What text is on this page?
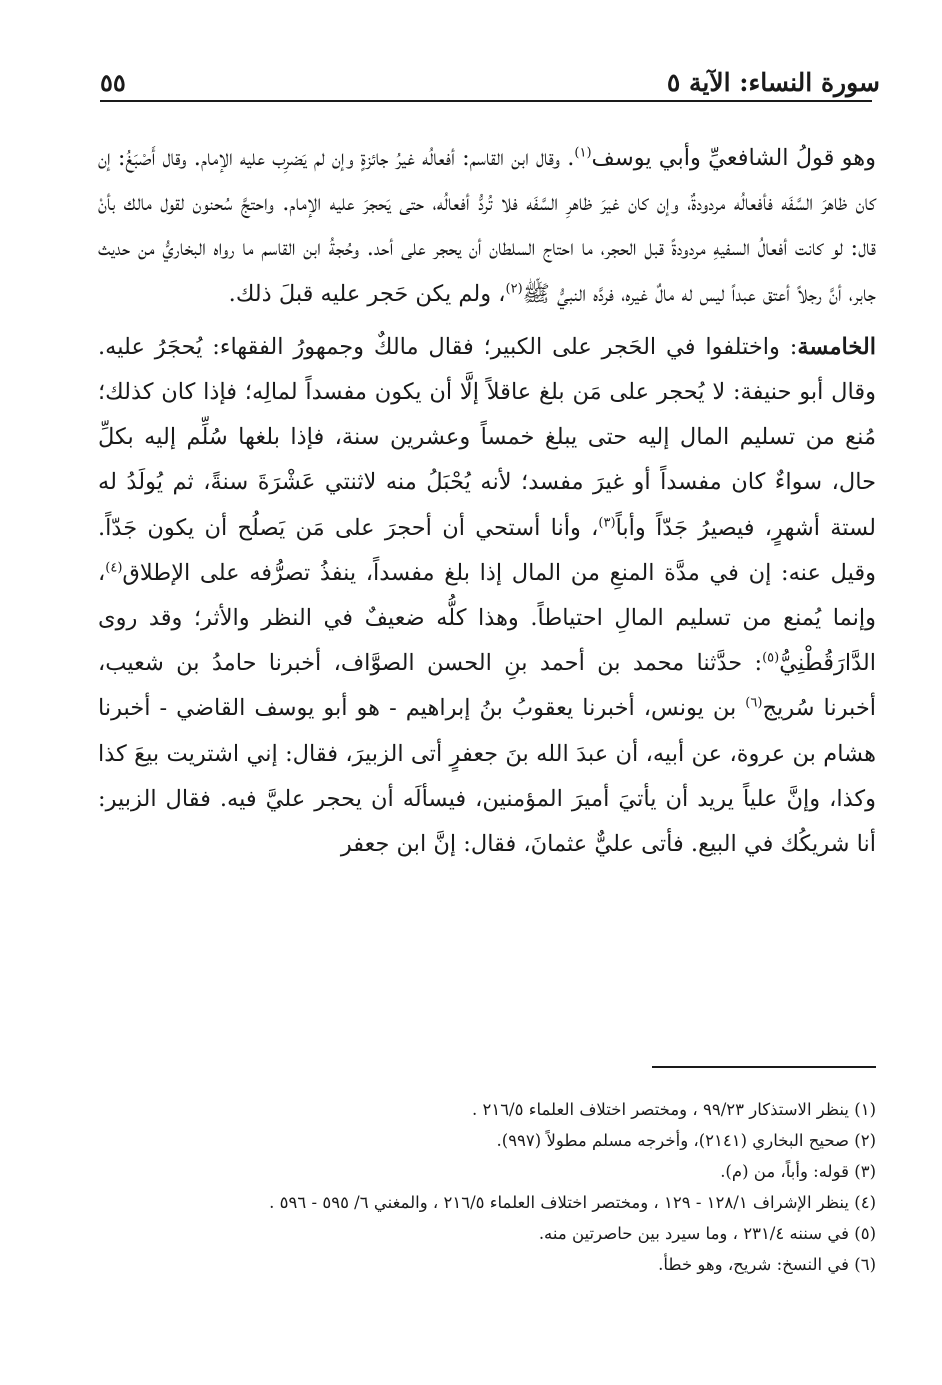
سورة النساء: الآية ٥
٥٥

وهو قولُ الشافعيِّ وأبي يوسف$^{(١)}$. وقال ابن القاسم: أفعالُه غيرُ جائزةٍ وإن لم يَضرِب عليه الإمام. وقال أَصْبَغُ: إن كان ظاهرَ السَّفَه فأفعالُه مردودةٌ، وإن كان غيرَ ظاهرِ السَّفَه فلا تُردُّ أفعالُه، حتى يَحجرَ عليه الإمام. واحتجَّ سُحنون لقول مالك بأنْ قال: لو كانت أفعالُ السفيهِ مردودةً قبل الحجر، ما احتاج السلطان أن يحجر على أحد. وحُجةُ ابن القاسم ما رواه البخاريُّ من حديث جابر، أنَّ رجلاً أعتق عبداً ليس له مالٌ غيره، فردَّه النبيُّ ﷺ$^{(٢)}$، ولم يكن حَجر عليه قبلَ ذلك.

الخامسة: واختلفوا في الحَجر على الكبير؛ فقال مالكٌ وجمهورُ الفقهاء: يُحجَرُ عليه. وقال أبو حنيفة: لا يُحجر على مَن بلغ عاقلاً إلَّا أن يكون مفسداً لمالِه؛ فإذا كان كذلك؛ مُنع من تسليم المال إليه حتى يبلغ خمساً وعشرين سنة، فإذا بلغها سُلِّم إليه بكلِّ حال، سواءٌ كان مفسداً أو غيرَ مفسد؛ لأنه يُحْبَلُ منه لاثنتي عَشْرَةَ سنةً، ثم يُولَدُ له لستة أشهرٍ، فيصيرُ جَدّاً وأباً$^{(٣)}$، وأنا أستحي أن أحجرَ على مَن يَصلُح أن يكون جَدّاً. وقيل عنه: إن في مدَّة المنعِ من المال إذا بلغ مفسداً، ينفذُ تصرُّفه على الإطلاق$^{(٤)}$، وإنما يُمنع من تسليم المالِ احتياطاً. وهذا كلُّه ضعيفٌ في النظر والأثر؛ وقد روى الدَّارَقُطْنِيُّ$^{(٥)}$: حدَّثنا محمد بن أحمد بنِ الحسن الصوَّاف، أخبرنا حامدُ بن شعيب، أخبرنا سُريج$^{(٦)}$ بن يونس، أخبرنا يعقوبُ بنُ إبراهيم - هو أبو يوسف القاضي - أخبرنا هشام بن عروة، عن أبيه، أن عبدَ الله بنَ جعفرٍ أتى الزبيرَ، فقال: إني اشتريت بيعَ كذا وكذا، وإنَّ علياً يريد أن يأتيَ أميرَ المؤمنين، فيسألَه أن يحجر عليَّ فيه. فقال الزبير: أنا شريكُك في البيع. فأتى عليٌّ عثمانَ، فقال: إنَّ ابن جعفر

(١) ينظر الاستذكار ٩٩/٢٣ ، ومختصر اختلاف العلماء ٢١٦/٥ .

(٢) صحيح البخاري (٢١٤١)، وأخرجه مسلم مطولاً (٩٩٧).

(٣) قوله: وأباً، من (م).

(٤) ينظر الإشراف ١٢٨/١ - ١٢٩ ، ومختصر اختلاف العلماء ٢١٦/٥ ، والمغني ٦/ ٥٩٥ - ٥٩٦ .

(٥) في سننه ٢٣١/٤ ، وما سيرد بين حاصرتين منه.

(٦) في النسخ: شريح، وهو خطأ.
